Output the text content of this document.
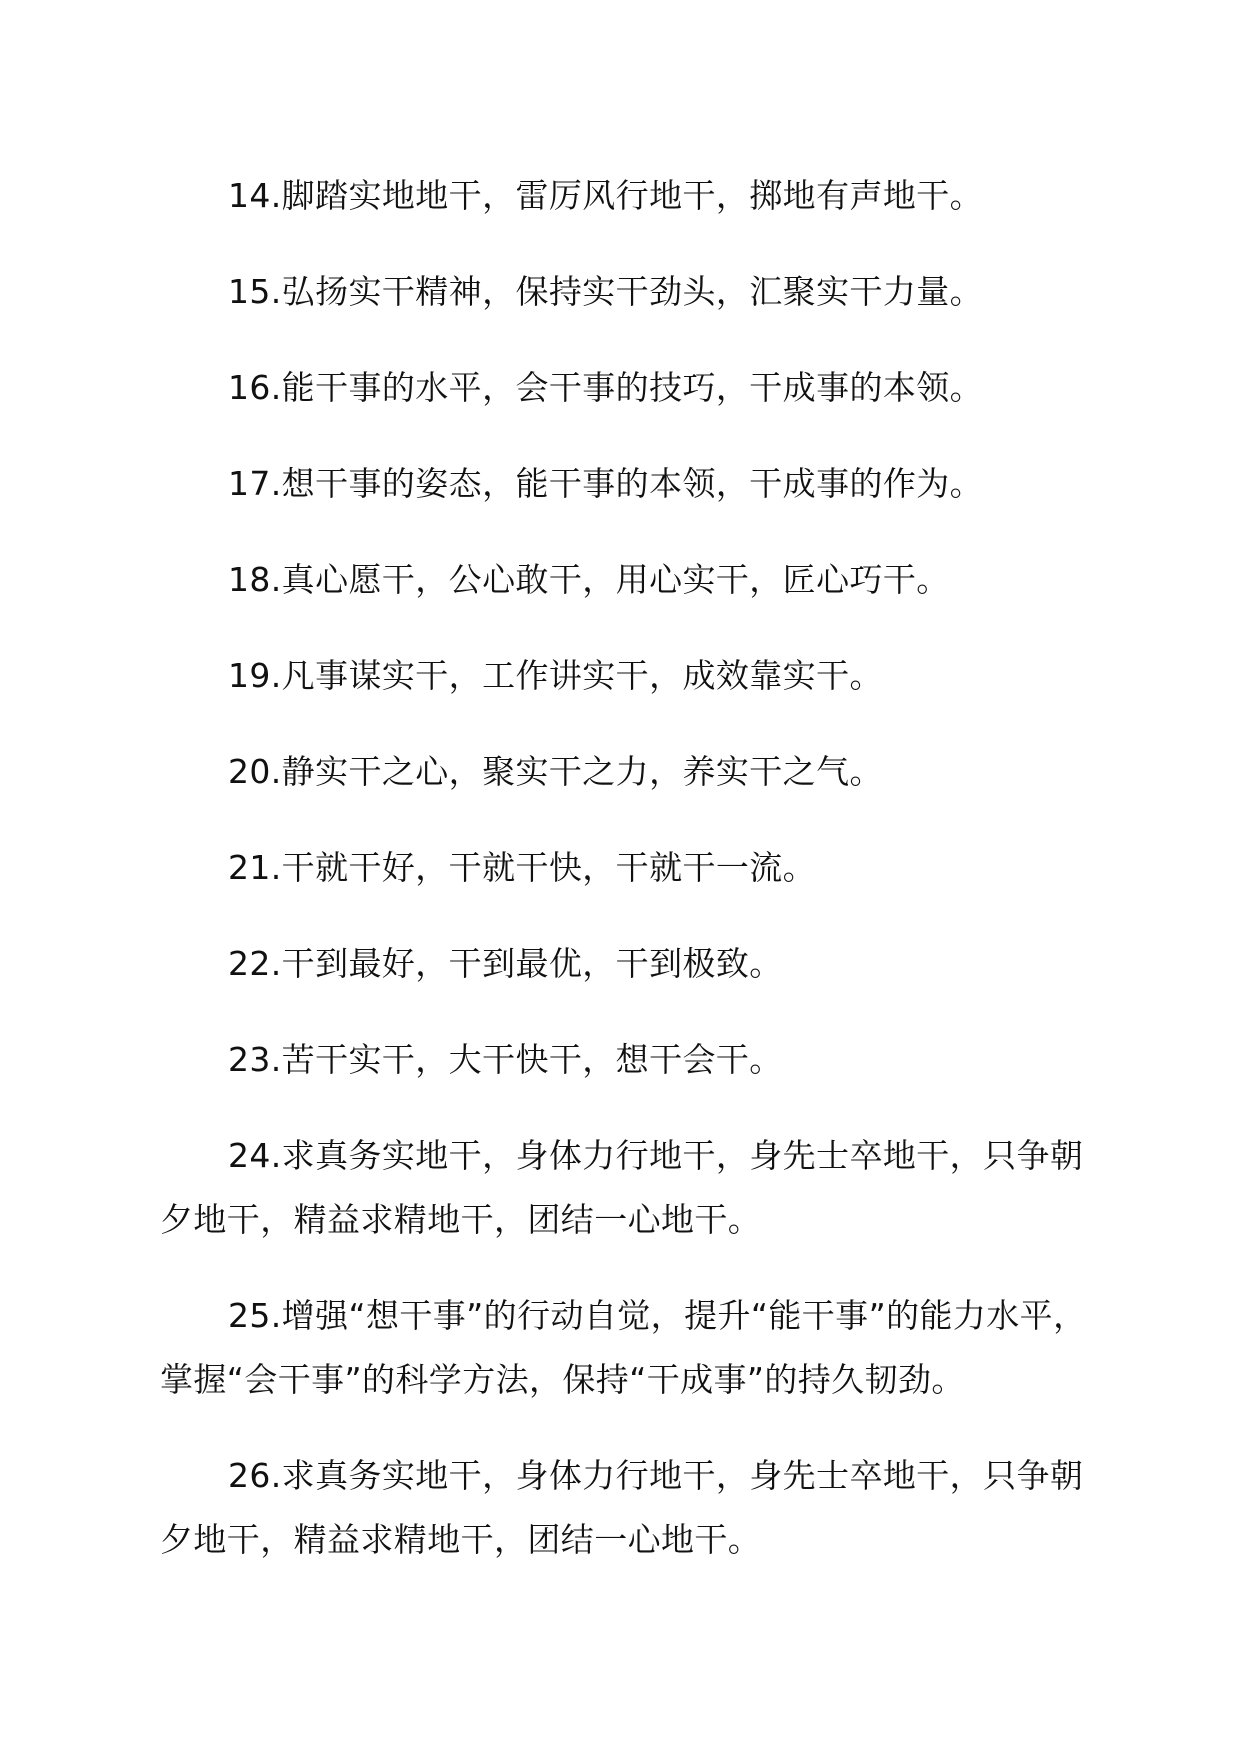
14.脚踏实地地干，雷厉风行地干，掷地有声地干。

15.弘扬实干精神，保持实干劲头，汇聚实干力量。

16.能干事的水平，会干事的技巧，干成事的本领。

17.想干事的姿态，能干事的本领，干成事的作为。

18.真心愿干，公心敢干，用心实干，匠心巧干。

19.凡事谋实干，工作讲实干，成效靠实干。

20.静实干之心，聚实干之力，养实干之气。

21.干就干好，干就干快，干就干一流。

22.干到最好，干到最优，干到极致。

23.苦干实干，大干快干，想干会干。

24.求真务实地干，身体力行地干，身先士卒地干，只争朝夕地干，精益求精地干，团结一心地干。

25.增强“想干事”的行动自觉，提升“能干事”的能力水平，掌握“会干事”的科学方法，保持“干成事”的持久韧劲。

26.求真务实地干，身体力行地干，身先士卒地干，只争朝夕地干，精益求精地干，团结一心地干。
